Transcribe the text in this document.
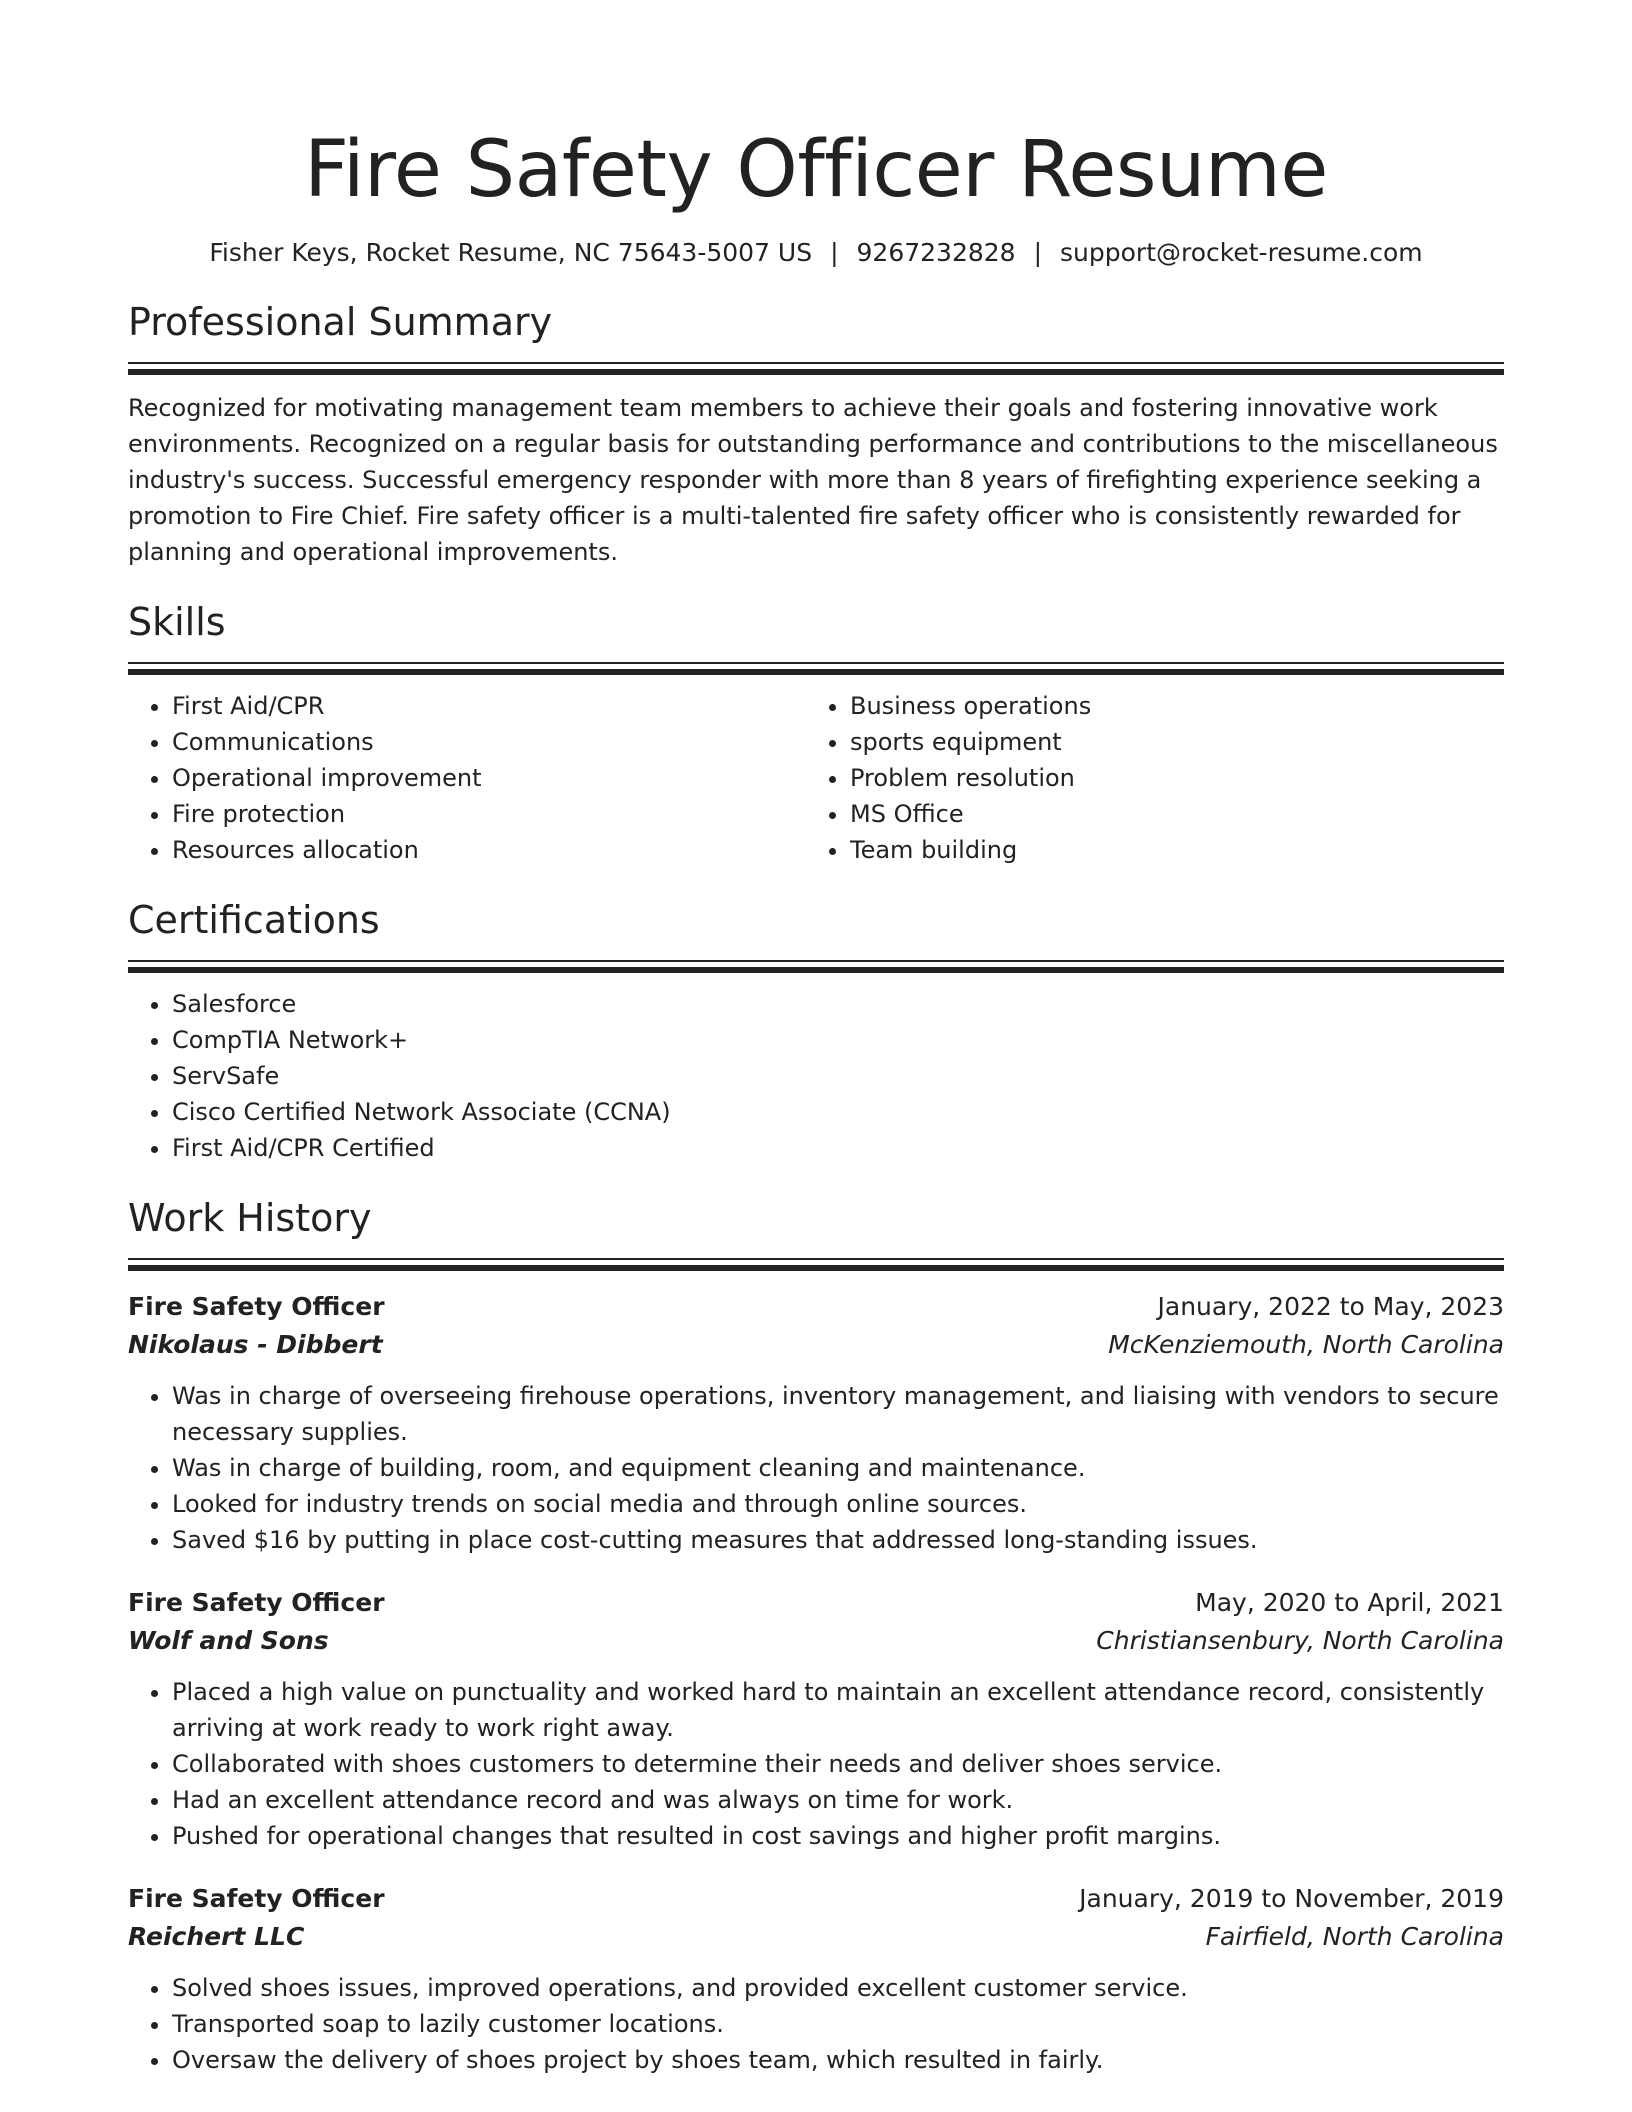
Fire Safety Officer Resume
Fisher Keys, Rocket Resume, NC 75643-5007 US | 9267232828 | support@rocket-resume.com
Professional Summary
Recognized for motivating management team members to achieve their goals and fostering innovative work environments. Recognized on a regular basis for outstanding performance and contributions to the miscellaneous industry's success. Successful emergency responder with more than 8 years of firefighting experience seeking a promotion to Fire Chief. Fire safety officer is a multi-talented fire safety officer who is consistently rewarded for planning and operational improvements.
Skills
• First Aid/CPR
• Communications
• Operational improvement
• Fire protection
• Resources allocation
• Business operations
• sports equipment
• Problem resolution
• MS Office
• Team building
Certifications
• Salesforce
• CompTIA Network+
• ServSafe
• Cisco Certified Network Associate (CCNA)
• First Aid/CPR Certified
Work History
Fire Safety Officer	January, 2022 to May, 2023
Nikolaus - Dibbert	McKenziemouth, North Carolina
• Was in charge of overseeing firehouse operations, inventory management, and liaising with vendors to secure necessary supplies.
• Was in charge of building, room, and equipment cleaning and maintenance.
• Looked for industry trends on social media and through online sources.
• Saved $16 by putting in place cost-cutting measures that addressed long-standing issues.
Fire Safety Officer	May, 2020 to April, 2021
Wolf and Sons	Christiansenbury, North Carolina
• Placed a high value on punctuality and worked hard to maintain an excellent attendance record, consistently arriving at work ready to work right away.
• Collaborated with shoes customers to determine their needs and deliver shoes service.
• Had an excellent attendance record and was always on time for work.
• Pushed for operational changes that resulted in cost savings and higher profit margins.
Fire Safety Officer	January, 2019 to November, 2019
Reichert LLC	Fairfield, North Carolina
• Solved shoes issues, improved operations, and provided excellent customer service.
• Transported soap to lazily customer locations.
• Oversaw the delivery of shoes project by shoes team, which resulted in fairly.
